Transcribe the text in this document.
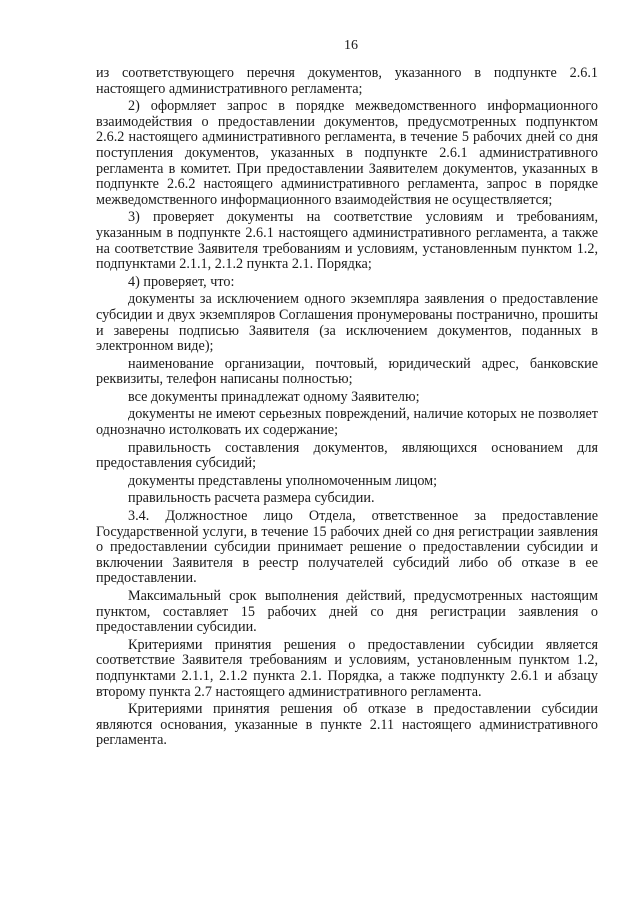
16

из соответствующего перечня документов, указанного в подпункте 2.6.1 настоящего административного регламента;

2) оформляет запрос в порядке межведомственного информационного взаимодействия о предоставлении документов, предусмотренных подпунктом 2.6.2 настоящего административного регламента, в течение 5 рабочих дней со дня поступления документов, указанных в подпункте 2.6.1 административного регламента в комитет. При предоставлении Заявителем документов, указанных в подпункте 2.6.2 настоящего административного регламента, запрос в порядке межведомственного информационного взаимодействия не осуществляется;

3) проверяет документы на соответствие условиям и требованиям, указанным в подпункте 2.6.1 настоящего административного регламента, а также на соответствие Заявителя требованиям и условиям, установленным пунктом 1.2, подпунктами 2.1.1, 2.1.2 пункта 2.1. Порядка;

4) проверяет, что:

документы за исключением одного экземпляра заявления о предоставление субсидии и двух экземпляров Соглашения пронумерованы постранично, прошиты и заверены подписью Заявителя (за исключением документов, поданных в электронном виде);

наименование организации, почтовый, юридический адрес, банковские реквизиты, телефон написаны полностью;

все документы принадлежат одному Заявителю;

документы не имеют серьезных повреждений, наличие которых не позволяет однозначно истолковать их содержание;

правильность составления документов, являющихся основанием для предоставления субсидий;

документы представлены уполномоченным лицом;

правильность расчета размера субсидии.

3.4. Должностное лицо Отдела, ответственное за предоставление Государственной услуги, в течение 15 рабочих дней со дня регистрации заявления о предоставлении субсидии принимает решение о предоставлении субсидии и включении Заявителя в реестр получателей субсидий либо об отказе в ее предоставлении.

Максимальный срок выполнения действий, предусмотренных настоящим пунктом, составляет 15 рабочих дней со дня регистрации заявления о предоставлении субсидии.

Критериями принятия решения о предоставлении субсидии является соответствие Заявителя требованиям и условиям, установленным пунктом 1.2, подпунктами 2.1.1, 2.1.2 пункта 2.1. Порядка, а также подпункту 2.6.1 и абзацу второму пункта 2.7 настоящего административного регламента.

Критериями принятия решения об отказе в предоставлении субсидии являются основания, указанные в пункте 2.11 настоящего административного регламента.
